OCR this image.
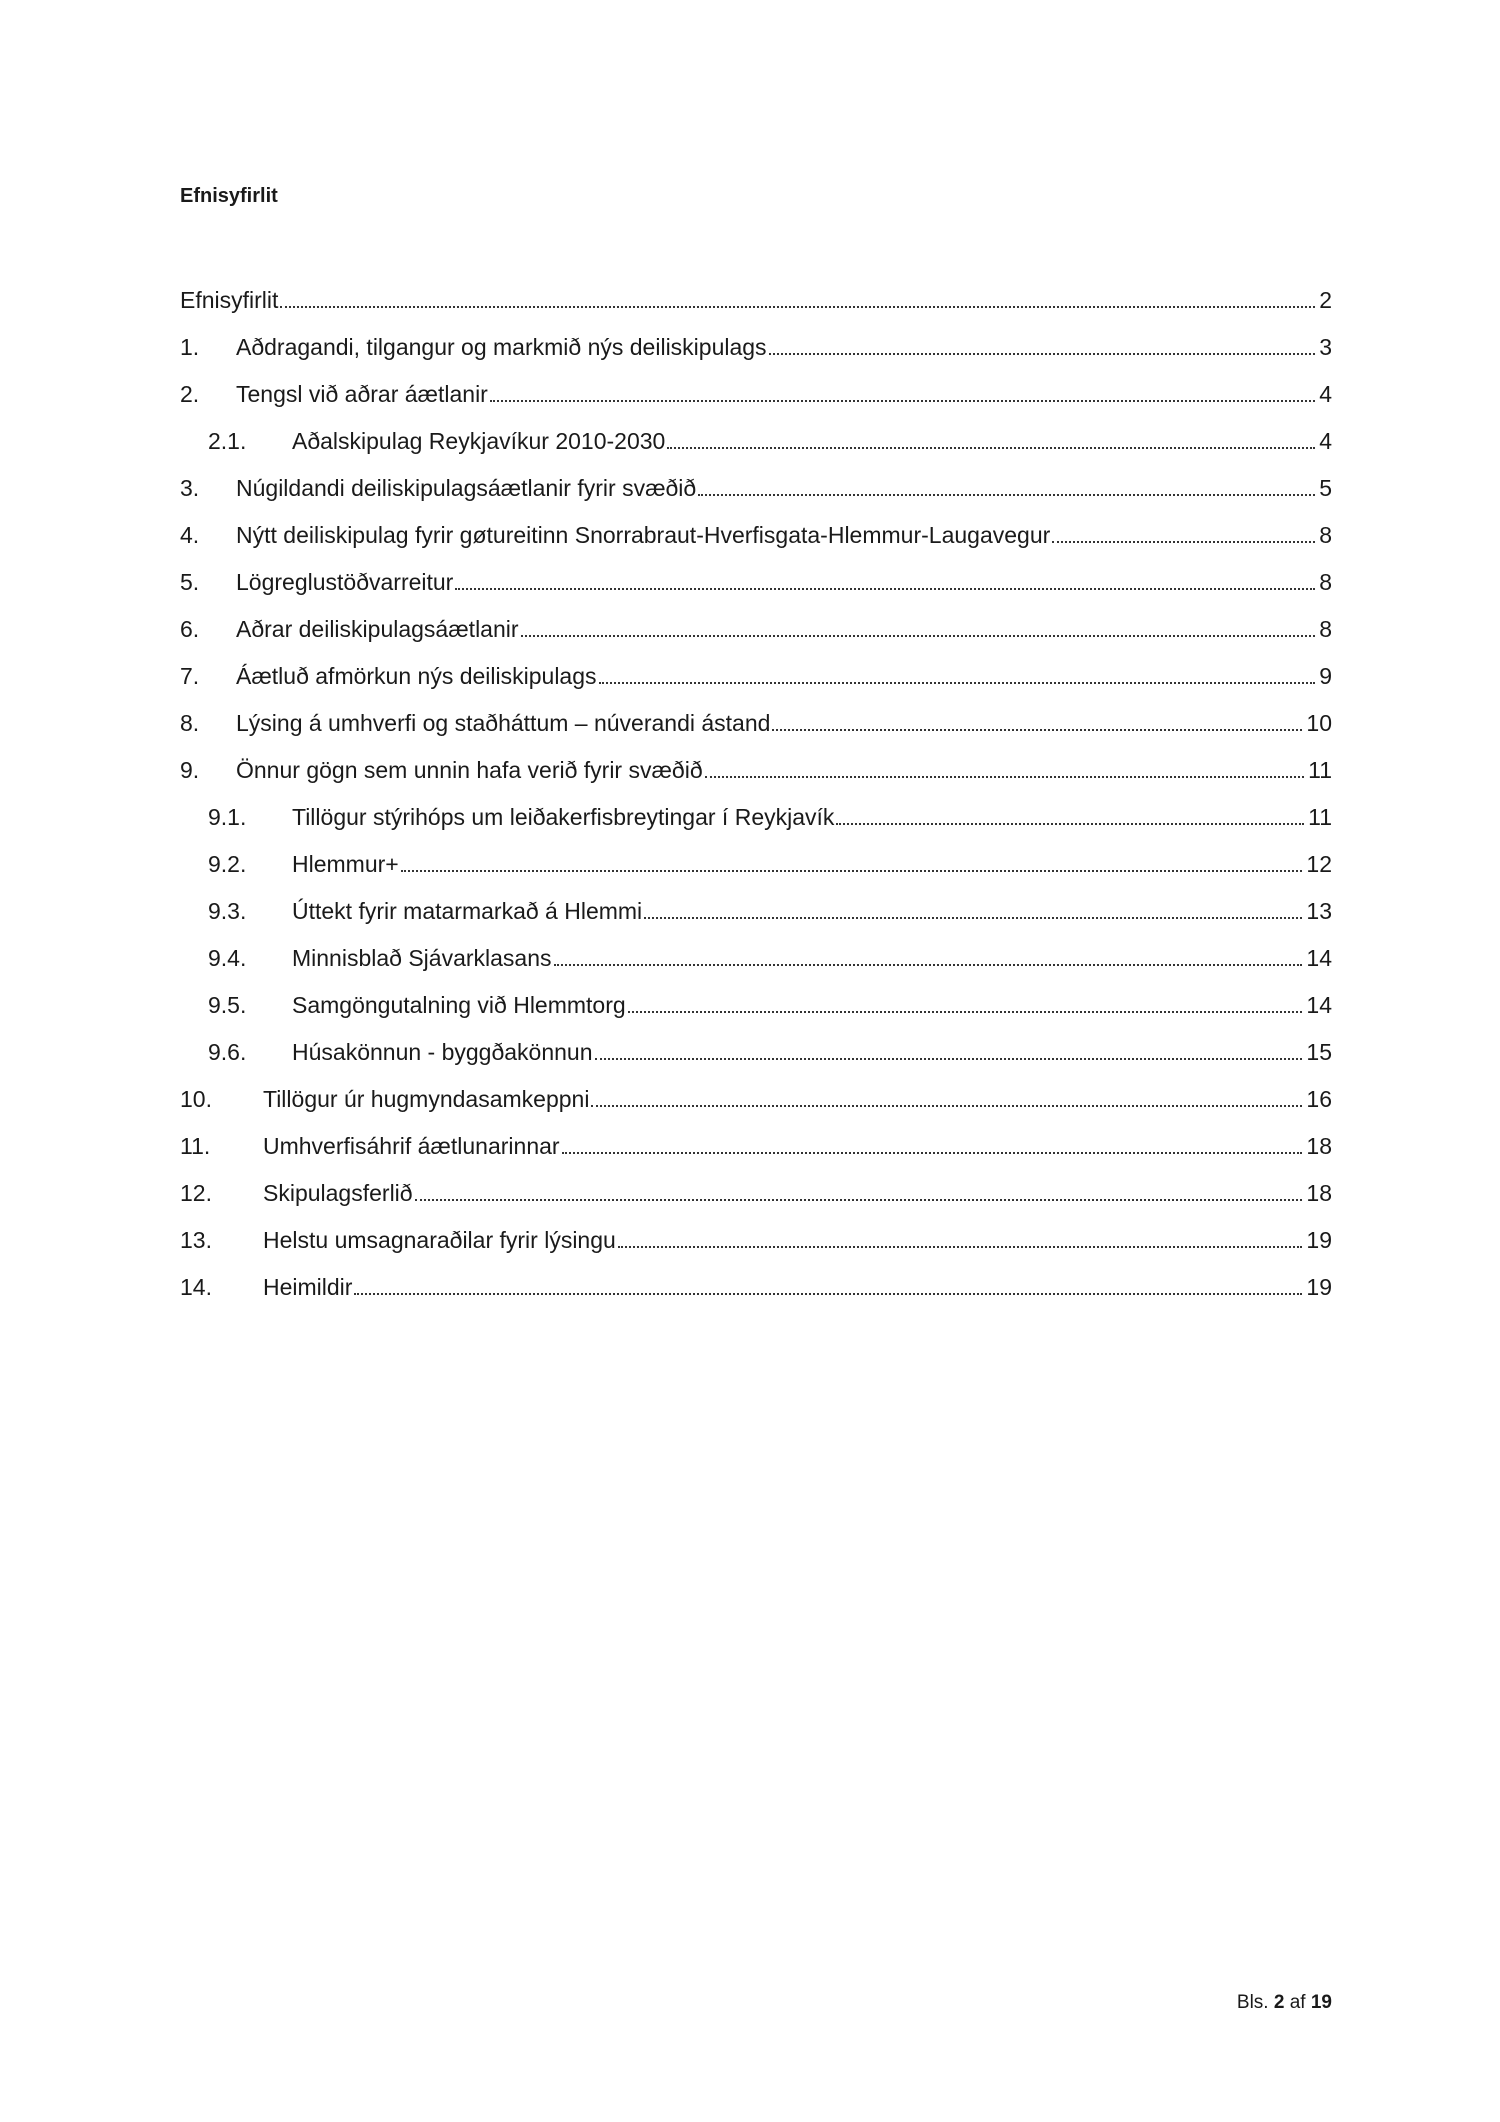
Efnisyfirlit
Efnisyfirlit	2
1.	Aðdragandi, tilgangur og markmið nýs deiliskipulags	3
2.	Tengsl við aðrar áætlanir	4
2.1.	Aðalskipulag Reykjavíkur 2010-2030	4
3.	Núgildandi deiliskipulagsáætlanir fyrir svæðið	5
4.	Nýtt deiliskipulag fyrir gøtureitinn Snorrabraut-Hverfisgata-Hlemmur-Laugavegur	8
5.	Lögreglustöðvarreitur	8
6.	Aðrar deiliskipulagsáætlanir	8
7.	Áætluð afmörkun nýs deiliskipulags	9
8.	Lýsing á umhverfi og staðháttum – núverandi ástand	10
9.	Önnur gögn sem unnin hafa verið fyrir svæðið	11
9.1.	Tillögur stýrihóps um leiðakerfisbreytingar í Reykjavík	11
9.2.	Hlemmur+	12
9.3.	Úttekt fyrir matarmarkað á Hlemmi	13
9.4.	Minnisblað Sjávarklasans	14
9.5.	Samgöngutalning við Hlemmtorg	14
9.6.	Húsakönnun - byggðakönnun	15
10.	Tillögur úr hugmyndasamkeppni	16
11.	Umhverfisáhrif áætlunarinnar	18
12.	Skipulagsferlið	18
13.	Helstu umsagnaraðilar fyrir lýsingu	19
14.	Heimildir	19
Bls. 2 af 19
